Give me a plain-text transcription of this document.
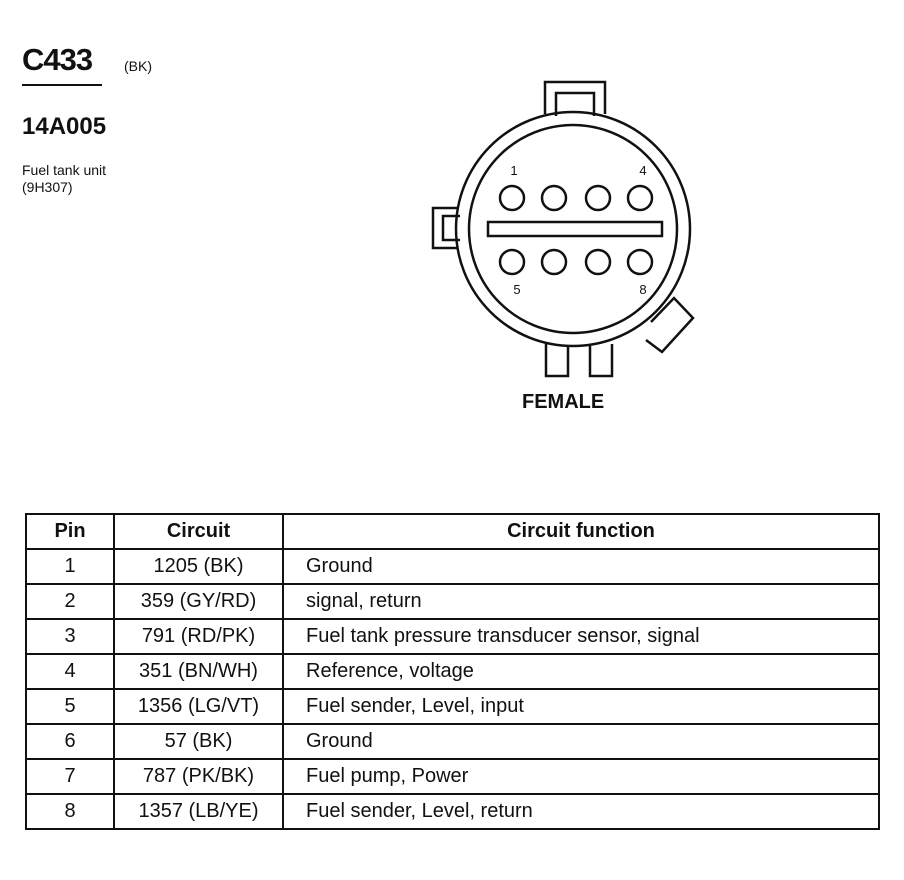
C433 (BK)
14A005
Fuel tank unit
(9H307)
1	4
5	8
FEMALE
Pin	Circuit	Circuit function
1	1205 (BK)	Ground
2	359 (GY/RD)	signal, return
3	791 (RD/PK)	Fuel tank pressure transducer sensor, signal
4	351 (BN/WH)	Reference, voltage
5	1356 (LG/VT)	Fuel sender, Level, input
6	57 (BK)	Ground
7	787 (PK/BK)	Fuel pump, Power
8	1357 (LB/YE)	Fuel sender, Level, return
